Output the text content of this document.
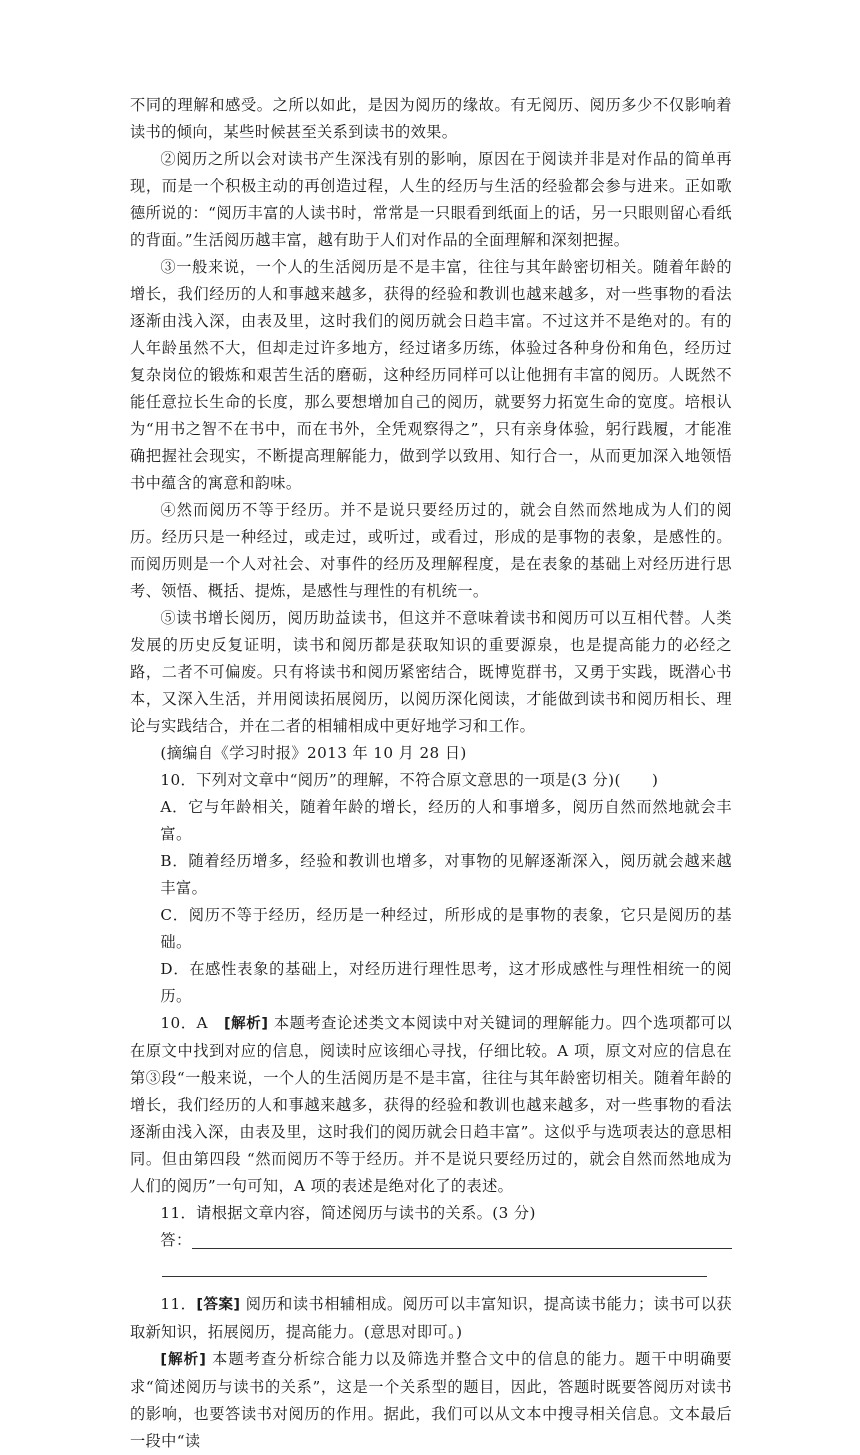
不同的理解和感受。之所以如此，是因为阅历的缘故。有无阅历、阅历多少不仅影响着读书的倾向，某些时候甚至关系到读书的效果。

②阅历之所以会对读书产生深浅有别的影响，原因在于阅读并非是对作品的简单再现，而是一个积极主动的再创造过程，人生的经历与生活的经验都会参与进来。正如歌德所说的：“阅历丰富的人读书时，常常是一只眼看到纸面上的话，另一只眼则留心看纸的背面。”生活阅历越丰富，越有助于人们对作品的全面理解和深刻把握。

③一般来说，一个人的生活阅历是不是丰富，往往与其年龄密切相关。随着年龄的增长，我们经历的人和事越来越多，获得的经验和教训也越来越多，对一些事物的看法逐渐由浅入深，由表及里，这时我们的阅历就会日趋丰富。不过这并不是绝对的。有的人年龄虽然不大，但却走过许多地方，经过诸多历练，体验过各种身份和角色，经历过复杂岗位的锻炼和艰苦生活的磨砺，这种经历同样可以让他拥有丰富的阅历。人既然不能任意拉长生命的长度，那么要想增加自己的阅历，就要努力拓宽生命的宽度。培根认为“用书之智不在书中，而在书外，全凭观察得之”，只有亲身体验，躬行践履，才能准确把握社会现实，不断提高理解能力，做到学以致用、知行合一，从而更加深入地领悟书中蕴含的寓意和韵味。

④然而阅历不等于经历。并不是说只要经历过的，就会自然而然地成为人们的阅历。经历只是一种经过，或走过，或听过，或看过，形成的是事物的表象，是感性的。而阅历则是一个人对社会、对事件的经历及理解程度，是在表象的基础上对经历进行思考、领悟、概括、提炼，是感性与理性的有机统一。

⑤读书增长阅历，阅历助益读书，但这并不意味着读书和阅历可以互相代替。人类发展的历史反复证明，读书和阅历都是获取知识的重要源泉，也是提高能力的必经之路，二者不可偏废。只有将读书和阅历紧密结合，既博览群书，又勇于实践，既潜心书本，又深入生活，并用阅读拓展阅历，以阅历深化阅读，才能做到读书和阅历相长、理论与实践结合，并在二者的相辅相成中更好地学习和工作。

(摘编自《学习时报》2013 年 10 月 28 日)

10．下列对文章中“阅历”的理解，不符合原文意思的一项是(3 分)(　　)

A．它与年龄相关，随着年龄的增长，经历的人和事增多，阅历自然而然地就会丰富。

B．随着经历增多，经验和教训也增多，对事物的见解逐渐深入，阅历就会越来越丰富。

C．阅历不等于经历，经历是一种经过，所形成的是事物的表象，它只是阅历的基础。

D．在感性表象的基础上，对经历进行理性思考，这才形成感性与理性相统一的阅历。

10．A　[解析] 本题考查论述类文本阅读中对关键词的理解能力。四个选项都可以在原文中找到对应的信息，阅读时应该细心寻找，仔细比较。A 项，原文对应的信息在第③段“一般来说，一个人的生活阅历是不是丰富，往往与其年龄密切相关。随着年龄的增长，我们经历的人和事越来越多，获得的经验和教训也越来越多，对一些事物的看法逐渐由浅入深，由表及里，这时我们的阅历就会日趋丰富”。这似乎与选项表达的意思相同。但由第四段 “然而阅历不等于经历。并不是说只要经历过的，就会自然而然地成为人们的阅历”一句可知，A 项的表述是绝对化了的表述。

11．请根据文章内容，简述阅历与读书的关系。(3 分)

答：

11．[答案] 阅历和读书相辅相成。阅历可以丰富知识，提高读书能力；读书可以获取新知识，拓展阅历，提高能力。(意思对即可。)

[解析] 本题考查分析综合能力以及筛选并整合文中的信息的能力。题干中明确要求“简述阅历与读书的关系”，这是一个关系型的题目，因此，答题时既要答阅历对读书的影响，也要答读书对阅历的作用。据此，我们可以从文本中搜寻相关信息。文本最后一段中“读
